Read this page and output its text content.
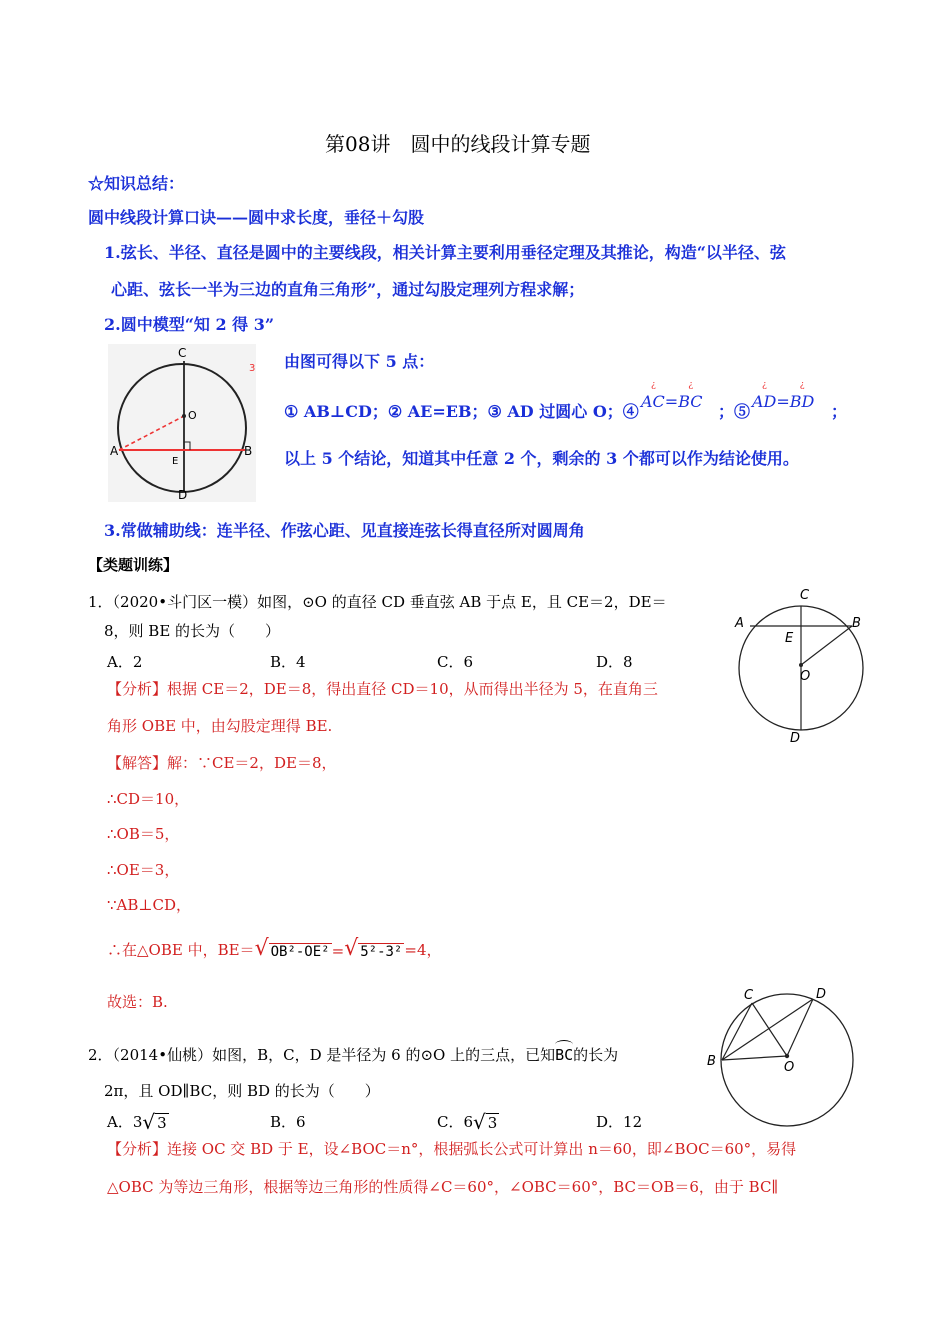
第08讲　圆中的线段计算专题
☆知识总结：
圆中线段计算口诀——圆中求长度，垂径＋勾股
1.弦长、半径、直径是圆中的主要线段，相关计算主要利用垂径定理及其推论，构造“以半径、弦
心距、弦长一半为三边的直角三角形”，通过勾股定理列方程求解；
2.圆中模型“知 2 得 3”
C
O
A	B
E
D
3 由图可得以下 5 点：
① AB⊥CD；② AE=EB；③ AD 过圆心 O；④
¿
AC=
¿
BC
；⑤
¿
AD=
¿
BD
；
以上 5 个结论，知道其中任意 2 个，剩余的 3 个都可以作为结论使用。
3.常做辅助线：连半径、作弦心距、见直接连弦长得直径所对圆周角
【类题训练】
1．（2020•斗门区一模）如图，⊙O 的直径 CD 垂直弦 AB 于点 E，且 CE＝2，DE＝
8，则 BE 的长为（　　）
A．2	B．4	C．6	D．8
C
A	B
E
O
D
【分析】根据 CE＝2，DE＝8，得出直径 CD＝10，从而得出半径为 5，在直角三
角形 OBE 中，由勾股定理得 BE.
【解答】解：∵CE＝2，DE＝8，
∴CD＝10，
∴OB＝5，
∴OE＝3，
∵AB⊥CD，
∴在△OBE 中，BE＝ √ OB²-OE² = √ 5²-3² =4，
故选：B.	C	D
B	O
2．（2014•仙桃）如图，B，C，D 是半径为 6 的⊙O 上的三点，已知
BC的长为
2π，且 OD∥BC，则 BD 的长为（　　）
A．3 √ 3	B．6	C．6 √ 3	D．12
【分析】连接 OC 交 BD 于 E，设∠BOC＝n°，根据弧长公式可计算出 n＝60，即∠BOC＝60°，易得
△OBC 为等边三角形，根据等边三角形的性质得∠C＝60°，∠OBC＝60°，BC＝OB＝6，由于 BC∥
